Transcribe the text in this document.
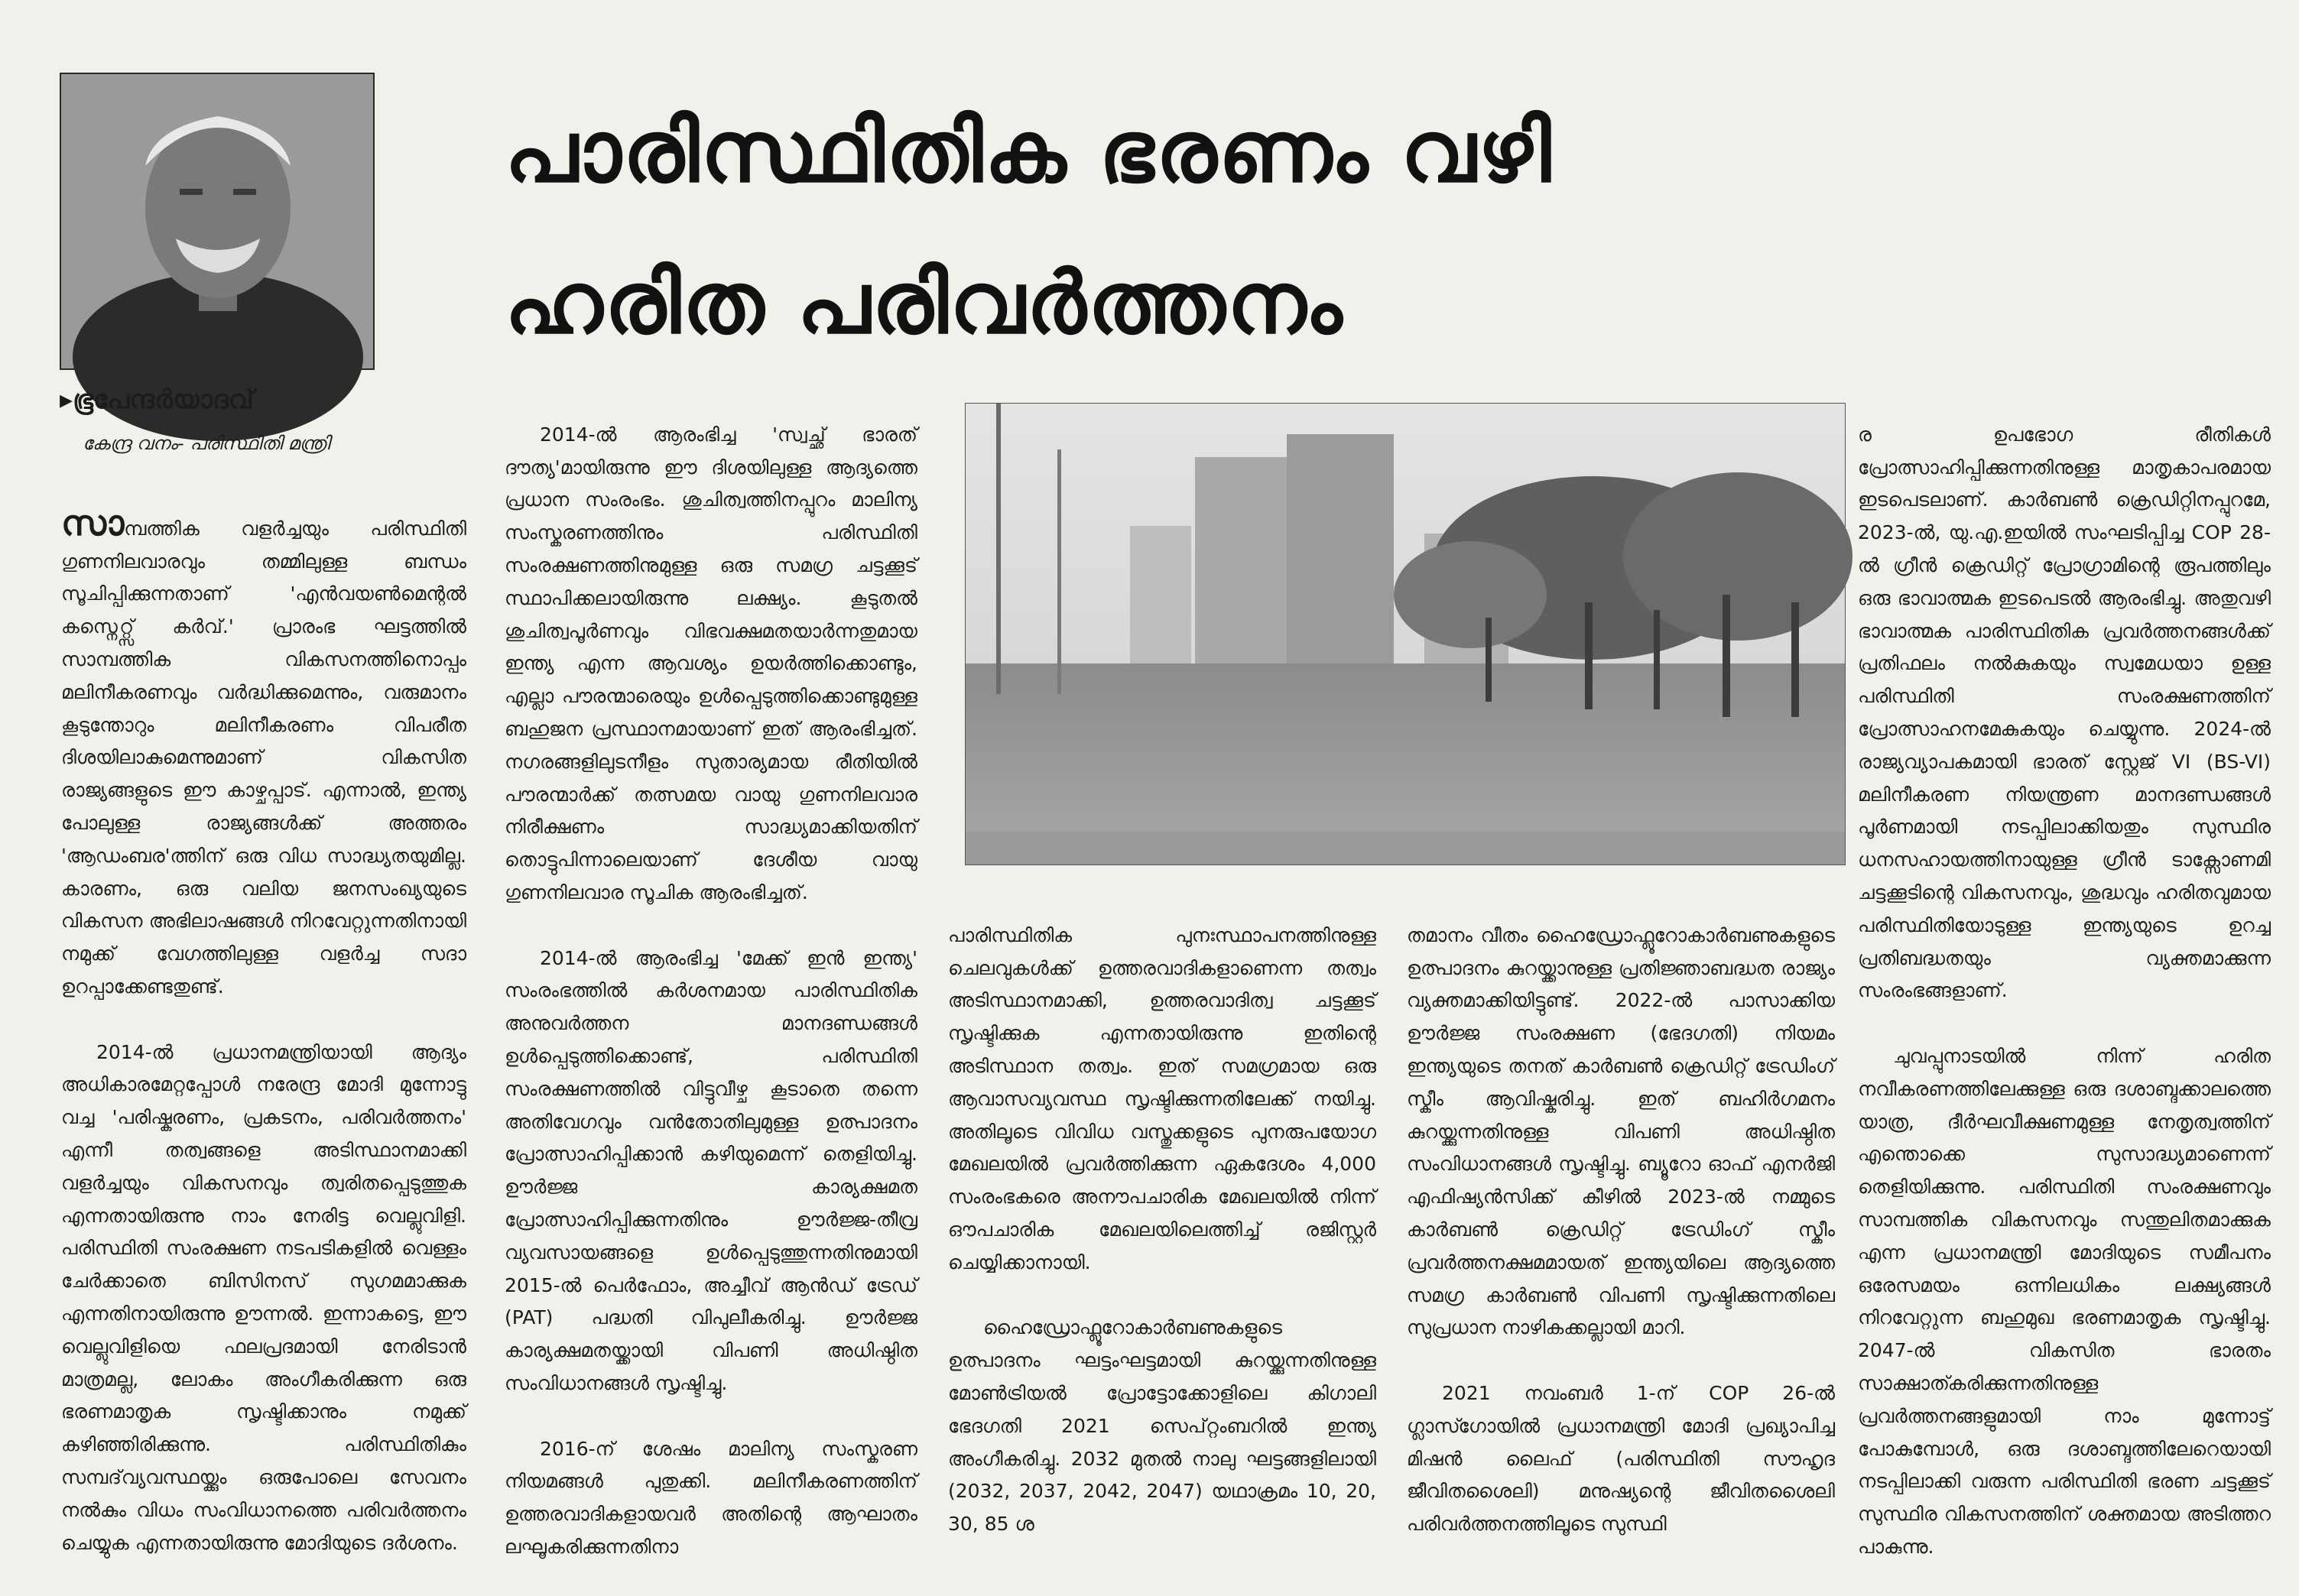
പാരിസ്ഥിതിക ഭരണം വഴി
ഹരിത പരിവർത്തനം
▸ഭൂപേന്ദർയാദവ്
കേന്ദ്ര വനം- പരിസ്ഥിതി മന്ത്രി

സാമ്പത്തിക വളർച്ചയും പരിസ്ഥിതി ഗുണനിലവാരവും തമ്മിലുള്ള ബന്ധം സൂചിപ്പിക്കുന്നതാണ് 'എൻവയൺമെന്റൽ കസ്നെറ്റ്സ് കർവ്.' പ്രാരംഭ ഘട്ടത്തിൽ സാമ്പത്തിക വികസനത്തിനൊപ്പം മലിനീകരണവും വർദ്ധിക്കുമെന്നും, വരുമാനം കൂടുന്തോറും മലിനീകരണം വിപരീത ദിശയിലാകുമെന്നുമാണ് വികസിത രാജ്യങ്ങളുടെ ഈ കാഴ്ചപ്പാട്. എന്നാൽ, ഇന്ത്യ പോലുള്ള രാജ്യങ്ങൾക്ക് അത്തരം 'ആഡംബര'ത്തിന് ഒരു വിധ സാദ്ധ്യതയുമില്ല. കാരണം, ഒരു വലിയ ജനസംഖ്യയുടെ വികസന അഭിലാഷങ്ങൾ നിറവേറ്റുന്നതിനായി നമുക്ക് വേഗത്തിലുള്ള വളർച്ച സദാ ഉറപ്പാക്കേണ്ടതുണ്ട്.

2014-ൽ പ്രധാനമന്ത്രിയായി ആദ്യം അധികാരമേറ്റപ്പോൾ നരേന്ദ്ര മോദി മുന്നോട്ടു വച്ച 'പരിഷ്കരണം, പ്രകടനം, പരിവർത്തനം' എന്നീ തത്വങ്ങളെ അടിസ്ഥാനമാക്കി വളർച്ചയും വികസനവും ത്വരിതപ്പെടുത്തുക എന്നതായിരുന്നു നാം നേരിട്ട വെല്ലുവിളി. പരിസ്ഥിതി സംരക്ഷണ നടപടികളിൽ വെള്ളം ചേർക്കാതെ ബിസിനസ് സുഗമമാക്കുക എന്നതിനായിരുന്നു ഊന്നൽ. ഇന്നാകട്ടെ, ഈ വെല്ലുവിളിയെ ഫലപ്രദമായി നേരിടാൻ മാത്രമല്ല, ലോകം അംഗീകരിക്കുന്ന ഒരു ഭരണമാതൃക സൃഷ്ടിക്കാനും നമുക്ക് കഴിഞ്ഞിരിക്കുന്നു. പരിസ്ഥിതികും സമ്പദ്‌വ്യവസ്ഥയ്ക്കും ഒരുപോലെ സേവനം നൽകും വിധം സംവിധാനത്തെ പരിവർത്തനം ചെയ്യുക എന്നതായിരുന്നു മോദിയുടെ ദർശനം.

2014-ൽ ആരംഭിച്ച 'സ്വച്ഛ് ഭാരത് ദൗത്യ'മായിരുന്നു ഈ ദിശയിലുള്ള ആദ്യത്തെ പ്രധാന സംരംഭം. ശുചിത്വത്തിനപ്പുറം മാലിന്യ സംസ്കരണത്തിനും പരിസ്ഥിതി സംരക്ഷണത്തിനുമുള്ള ഒരു സമഗ്ര ചട്ടക്കൂട് സ്ഥാപിക്കലായിരുന്നു ലക്ഷ്യം. കൂടുതൽ ശുചിത്വപൂർണവും വിഭവക്ഷമതയാർന്നതുമായ ഇന്ത്യ എന്ന ആവശ്യം ഉയർത്തിക്കൊണ്ടും, എല്ലാ പൗരന്മാരെയും ഉൾപ്പെടുത്തിക്കൊണ്ടുമുള്ള ബഹുജന പ്രസ്ഥാനമായാണ് ഇത് ആരംഭിച്ചത്. നഗരങ്ങളിലുടനീളം സുതാര്യമായ രീതിയിൽ പൗരന്മാർക്ക് തത്സമയ വായു ഗുണനിലവാര നിരീക്ഷണം സാദ്ധ്യമാക്കിയതിന് തൊട്ടുപിന്നാലെയാണ് ദേശീയ വായു ഗുണനിലവാര സൂചിക ആരംഭിച്ചത്.

2014-ൽ ആരംഭിച്ച 'മേക്ക് ഇൻ ഇന്ത്യ' സംരംഭത്തിൽ കർശനമായ പാരിസ്ഥിതിക അനുവർത്തന മാനദണ്ഡങ്ങൾ ഉൾപ്പെടുത്തിക്കൊണ്ട്, പരിസ്ഥിതി സംരക്ഷണത്തിൽ വിട്ടുവീഴ്ച കൂടാതെ തന്നെ അതിവേഗവും വൻതോതിലുമുള്ള ഉത്പാദനം പ്രോത്സാഹിപ്പിക്കാൻ കഴിയുമെന്ന് തെളിയിച്ചു. ഊർജ്ജ കാര്യക്ഷമത പ്രോത്സാഹിപ്പിക്കുന്നതിനും ഊർജ്ജ-തീവ്ര വ്യവസായങ്ങളെ ഉൾപ്പെടുത്തുന്നതിനുമായി 2015-ൽ പെർഫോം, അച്ചീവ് ആൻഡ് ട്രേഡ് (PAT) പദ്ധതി വിപുലീകരിച്ചു. ഊർജ്ജ കാര്യക്ഷമതയ്ക്കായി വിപണി അധിഷ്ഠിത സംവിധാനങ്ങൾ സൃഷ്ടിച്ചു.

2016-ന് ശേഷം മാലിന്യ സംസ്കരണ നിയമങ്ങൾ പുതുക്കി. മലിനീകരണത്തിന് ഉത്തരവാദികളായവർ അതിന്റെ ആഘാതം ലഘൂകരിക്കുന്നതിനാ

പാരിസ്ഥിതിക പുനഃസ്ഥാപനത്തിനുള്ള ചെലവുകൾക്ക് ഉത്തരവാദികളാണെന്ന തത്വം അടിസ്ഥാനമാക്കി, ഉത്തരവാദിത്വ ചട്ടക്കൂട് സൃഷ്ടിക്കുക എന്നതായിരുന്നു ഇതിന്റെ അടിസ്ഥാന തത്വം. ഇത് സമഗ്രമായ ഒരു ആവാസവ്യവസ്ഥ സൃഷ്ടിക്കുന്നതിലേക്ക് നയിച്ചു. അതിലൂടെ വിവിധ വസ്തുക്കളുടെ പുനരുപയോഗ മേഖലയിൽ പ്രവർത്തിക്കുന്ന ഏകദേശം 4,000 സംരംഭകരെ അനൗപചാരിക മേഖലയിൽ നിന്ന് ഔപചാരിക മേഖലയിലെത്തിച്ച് രജിസ്റ്റർ ചെയ്യിക്കാനായി.

ഹൈഡ്രോഫ്ലൂറോകാർബണുകളുടെ ഉത്പാദനം ഘട്ടംഘട്ടമായി കുറയ്ക്കുന്നതിനുള്ള മോൺട്രിയൽ പ്രോട്ടോക്കോളിലെ കിഗാലി ഭേദഗതി 2021 സെപ്റ്റംബറിൽ ഇന്ത്യ അംഗീകരിച്ചു. 2032 മുതൽ നാലു ഘട്ടങ്ങളിലായി (2032, 2037, 2042, 2047) യഥാക്രമം 10, 20, 30, 85 ശ

തമാനം വീതം ഹൈഡ്രോഫ്ലൂറോകാർബണുകളുടെ ഉത്പാദനം കുറയ്ക്കാനുള്ള പ്രതിജ്ഞാബദ്ധത രാജ്യം വ്യക്തമാക്കിയിട്ടുണ്ട്. 2022-ൽ പാസാക്കിയ ഊർജ്ജ സംരക്ഷണ (ഭേദഗതി) നിയമം ഇന്ത്യയുടെ തനത് കാർബൺ ക്രെഡിറ്റ് ട്രേഡിംഗ് സ്കീം ആവിഷ്കരിച്ചു. ഇത് ബഹിർഗമനം കുറയ്ക്കുന്നതിനുള്ള വിപണി അധിഷ്ഠിത സംവിധാനങ്ങൾ സൃഷ്ടിച്ചു. ബ്യൂറോ ഓഫ് എനർജി എഫിഷ്യൻസിക്ക് കീഴിൽ 2023-ൽ നമ്മുടെ കാർബൺ ക്രെഡിറ്റ് ട്രേഡിംഗ് സ്കീം പ്രവർത്തനക്ഷമമായത് ഇന്ത്യയിലെ ആദ്യത്തെ സമഗ്ര കാർബൺ വിപണി സൃഷ്ടിക്കുന്നതിലെ സുപ്രധാന നാഴികക്കല്ലായി മാറി.

2021 നവംബർ 1-ന് COP 26-ൽ ഗ്ലാസ്ഗോയിൽ പ്രധാനമന്ത്രി മോദി പ്രഖ്യാപിച്ച മിഷൻ ലൈഫ് (പരിസ്ഥിതി സൗഹൃദ ജീവിതശൈലി) മനുഷ്യന്റെ ജീവിതശൈലി പരിവർത്തനത്തിലൂടെ സുസ്ഥി

ര ഉപഭോഗ രീതികൾ പ്രോത്സാഹിപ്പിക്കുന്നതിനുള്ള മാതൃകാപരമായ ഇടപെടലാണ്. കാർബൺ ക്രെഡിറ്റിനപ്പുറമേ, 2023-ൽ, യു.എ.ഇയിൽ സംഘടിപ്പിച്ച COP 28-ൽ ഗ്രീൻ ക്രെഡിറ്റ് പ്രോഗ്രാമിന്റെ രൂപത്തിലും ഒരു ഭാവാത്മക ഇടപെടൽ ആരംഭിച്ചു. അതുവഴി ഭാവാത്മക പാരിസ്ഥിതിക പ്രവർത്തനങ്ങൾക്ക് പ്രതിഫലം നൽകുകയും സ്വമേധയാ ഉള്ള പരിസ്ഥിതി സംരക്ഷണത്തിന് പ്രോത്സാഹനമേകുകയും ചെയ്യുന്നു. 2024-ൽ രാജ്യവ്യാപകമായി ഭാരത് സ്റ്റേജ് VI (BS-VI) മലിനീകരണ നിയന്ത്രണ മാനദണ്ഡങ്ങൾ പൂർണമായി നടപ്പിലാക്കിയതും സുസ്ഥിര ധനസഹായത്തിനായുള്ള ഗ്രീൻ ടാക്സോണമി ചട്ടക്കൂടിന്റെ വികസനവും, ശുദ്ധവും ഹരിതവുമായ പരിസ്ഥിതിയോടുള്ള ഇന്ത്യയുടെ ഉറച്ച പ്രതിബദ്ധതയും വ്യക്തമാക്കുന്ന സംരംഭങ്ങളാണ്.

ചുവപ്പുനാടയിൽ നിന്ന് ഹരിത നവീകരണത്തിലേക്കുള്ള ഒരു ദശാബ്ദക്കാലത്തെ യാത്ര, ദീർഘവീക്ഷണമുള്ള നേതൃത്വത്തിന് എന്തൊക്കെ സുസാദ്ധ്യമാണെന്ന് തെളിയിക്കുന്നു. പരിസ്ഥിതി സംരക്ഷണവും സാമ്പത്തിക വികസനവും സന്തുലിതമാക്കുക എന്ന പ്രധാനമന്ത്രി മോദിയുടെ സമീപനം ഒരേസമയം ഒന്നിലധികം ലക്ഷ്യങ്ങൾ നിറവേറ്റുന്ന ബഹുമുഖ ഭരണമാതൃക സൃഷ്ടിച്ചു. 2047-ൽ വികസിത ഭാരതം സാക്ഷാത്കരിക്കുന്നതിനുള്ള പ്രവർത്തനങ്ങളുമായി നാം മുന്നോട്ട് പോകുമ്പോൾ, ഒരു ദശാബ്ദത്തിലേറെയായി നടപ്പിലാക്കി വരുന്ന പരിസ്ഥിതി ഭരണ ചട്ടക്കൂട് സുസ്ഥിര വികസനത്തിന് ശക്തമായ അടിത്തറ പാകുന്നു.
